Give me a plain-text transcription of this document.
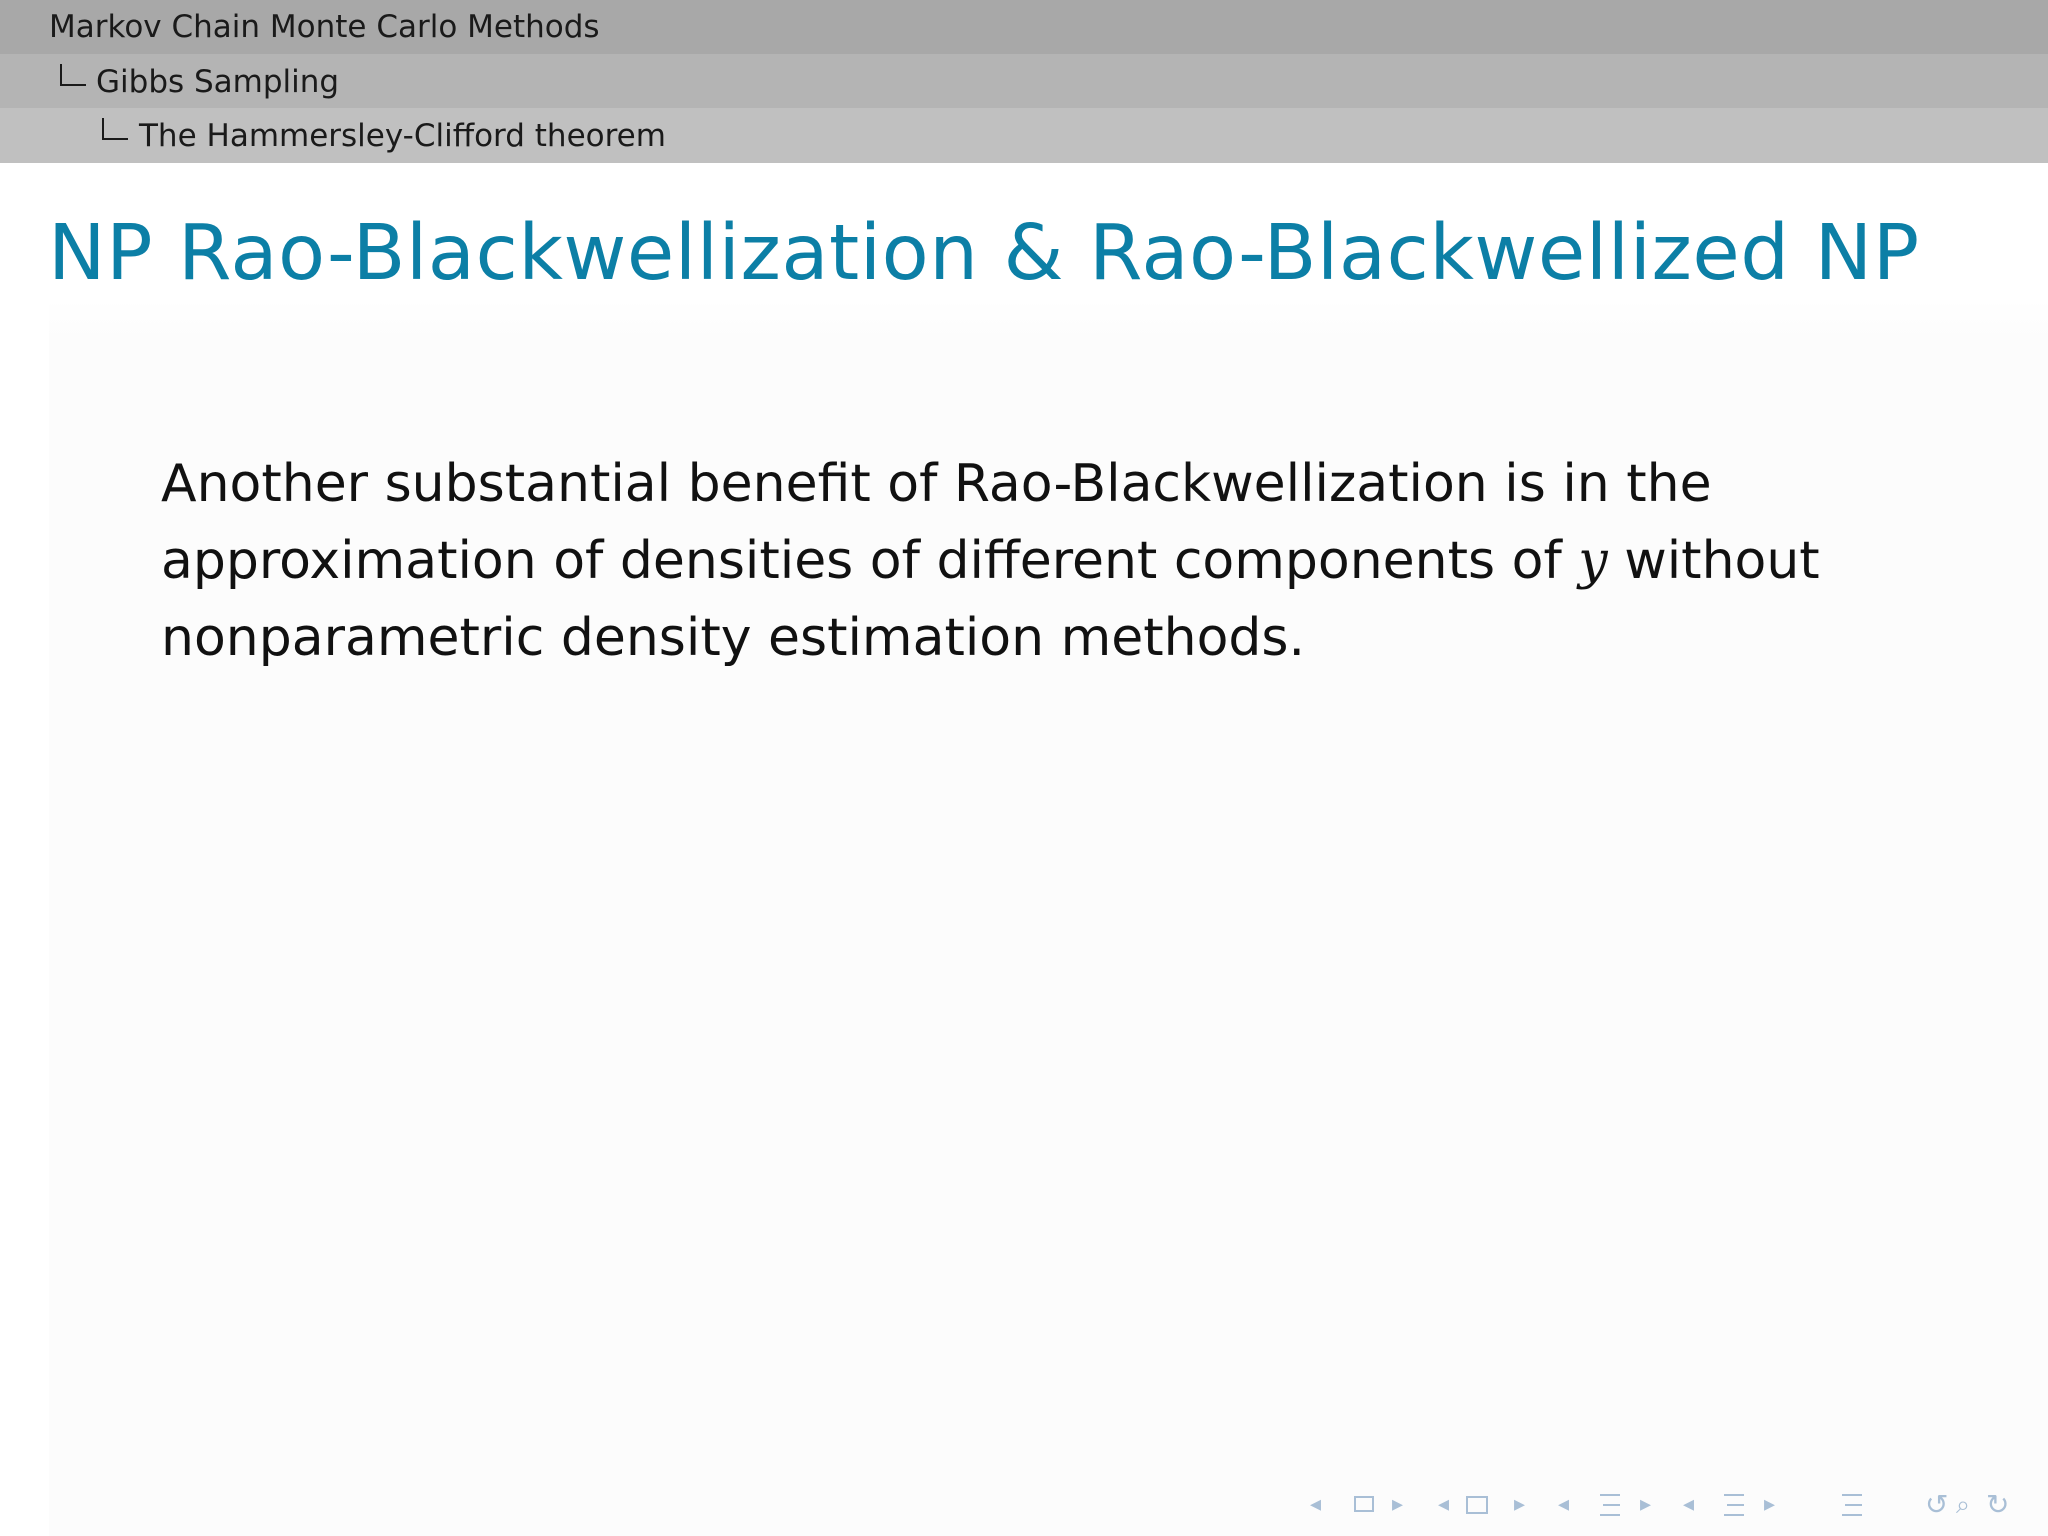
Markov Chain Monte Carlo Methods
Gibbs Sampling
The Hammersley-Clifford theorem
NP Rao-Blackwellization & Rao-Blackwellized NP
Another substantial benefit of Rao-Blackwellization is in the approximation of densities of different components of y without nonparametric density estimation methods.
◂	▸ ◂	▸ ◂	▸ ◂	▸	↺ ⌕ ↻
